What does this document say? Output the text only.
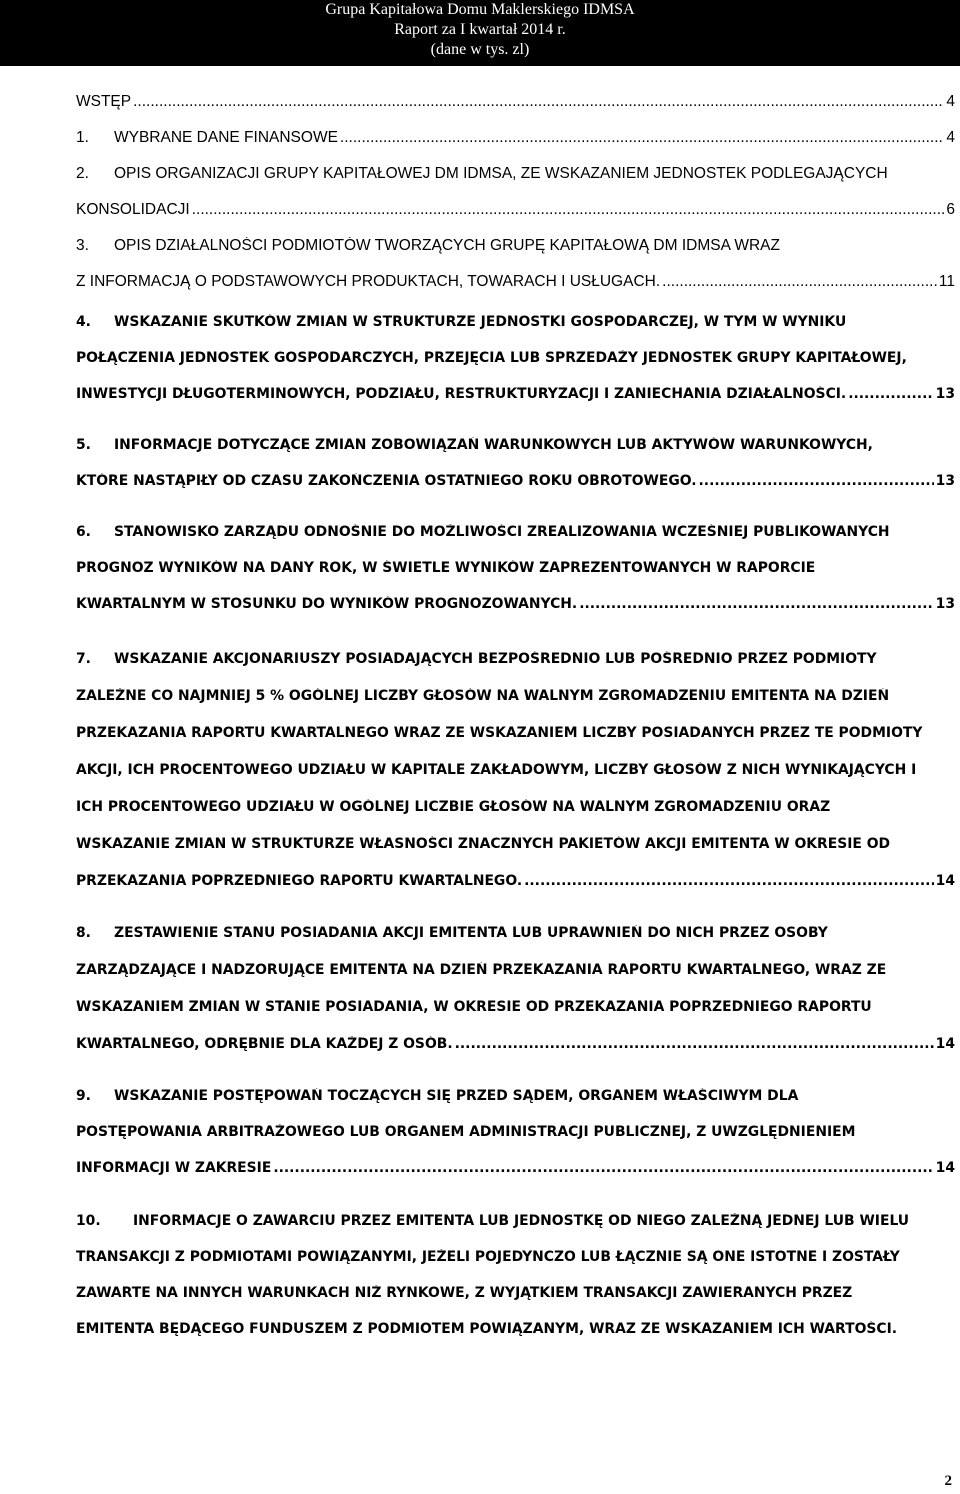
Grupa Kapitałowa Domu Maklerskiego IDMSA
Raport za I kwartał 2014 r.
(dane w tys. zl)
WSTĘP .....	4
1.	WYBRANE DANE FINANSOWE .....	4
2.	OPIS ORGANIZACJI GRUPY KAPITAŁOWEJ DM IDMSA, ZE WSKAZANIEM JEDNOSTEK PODLEGAJĄCYCH
KONSOLIDACJI .....	6
3.	OPIS DZIAŁALNOŚCI PODMIOTÓW TWORZĄCYCH GRUPĘ KAPITAŁOWĄ DM IDMSA WRAZ
Z INFORMACJĄ O PODSTAWOWYCH PRODUKTACH, TOWARACH I USŁUGACH. .....	11
4.	WSKAZANIE SKUTKÓW ZMIAN W STRUKTURZE JEDNOSTKI GOSPODARCZEJ, W TYM W WYNIKU
POŁĄCZENIA JEDNOSTEK GOSPODARCZYCH, PRZEJĘCIA LUB SPRZEDAŻY JEDNOSTEK GRUPY KAPITAŁOWEJ,
INWESTYCJI DŁUGOTERMINOWYCH, PODZIAŁU, RESTRUKTURYZACJI I ZANIECHANIA DZIAŁALNOŚCI. .....	13
5.	INFORMACJE DOTYCZĄCE ZMIAN ZOBOWIĄZAŃ WARUNKOWYCH LUB AKTYWÓW WARUNKOWYCH,
KTÓRE NASTĄPIŁY OD CZASU ZAKOŃCZENIA OSTATNIEGO ROKU OBROTOWEGO. .....	13
6.	STANOWISKO ZARZĄDU ODNOŚNIE DO MOŻLIWOŚCI ZREALIZOWANIA WCZEŚNIEJ PUBLIKOWANYCH
PROGNOZ WYNIKÓW NA DANY ROK, W ŚWIETLE WYNIKÓW ZAPREZENTOWANYCH W RAPORCIE
KWARTALNYM W STOSUNKU DO WYNIKÓW PROGNOZOWANYCH. .....	13
7.	WSKAZANIE AKCJONARIUSZY POSIADAJĄCYCH BEZPOŚREDNIO LUB POŚREDNIO PRZEZ PODMIOTY
ZALEŻNE CO NAJMNIEJ 5 % OGÓLNEJ LICZBY GŁOSÓW NA WALNYM ZGROMADZENIU EMITENTA NA DZIEŃ
PRZEKAZANIA RAPORTU KWARTALNEGO WRAZ ZE WSKAZANIEM LICZBY POSIADANYCH PRZEZ TE PODMIOTY
AKCJI, ICH PROCENTOWEGO UDZIAŁU W KAPITALE ZAKŁADOWYM, LICZBY GŁOSÓW Z NICH WYNIKAJĄCYCH I
ICH PROCENTOWEGO UDZIAŁU W OGÓLNEJ LICZBIE GŁOSÓW NA WALNYM ZGROMADZENIU ORAZ
WSKAZANIE ZMIAN W STRUKTURZE WŁASNOŚCI ZNACZNYCH PAKIETÓW AKCJI EMITENTA W OKRESIE OD
PRZEKAZANIA POPRZEDNIEGO RAPORTU KWARTALNEGO. .....	14
8.	ZESTAWIENIE STANU POSIADANIA AKCJI EMITENTA LUB UPRAWNIEŃ DO NICH PRZEZ OSOBY
ZARZĄDZAJĄCE I NADZORUJĄCE EMITENTA NA DZIEŃ PRZEKAZANIA RAPORTU KWARTALNEGO, WRAZ ZE
WSKAZANIEM ZMIAN W STANIE POSIADANIA, W OKRESIE OD PRZEKAZANIA POPRZEDNIEGO RAPORTU
KWARTALNEGO, ODRĘBNIE DLA KAŻDEJ Z OSÓB. .....	14
9.	WSKAZANIE POSTĘPOWAŃ TOCZĄCYCH SIĘ PRZED SĄDEM, ORGANEM WŁAŚCIWYM DLA
POSTĘPOWANIA ARBITRAŻOWEGO LUB ORGANEM ADMINISTRACJI PUBLICZNEJ, Z UWZGLĘDNIENIEM
INFORMACJI W ZAKRESIE .....	14
10.	INFORMACJE O ZAWARCIU PRZEZ EMITENTA LUB JEDNOSTKĘ OD NIEGO ZALEŻNĄ JEDNEJ LUB WIELU
TRANSAKCJI Z PODMIOTAMI POWIĄZANYMI, JEŻELI POJEDYNCZO LUB ŁĄCZNIE SĄ ONE ISTOTNE I ZOSTAŁY
ZAWARTE NA INNYCH WARUNKACH NIŻ RYNKOWE, Z WYJĄTKIEM TRANSAKCJI ZAWIERANYCH PRZEZ
EMITENTA BĘDĄCEGO FUNDUSZEM Z PODMIOTEM POWIĄZANYM, WRAZ ZE WSKAZANIEM ICH WARTOŚCI.
2
